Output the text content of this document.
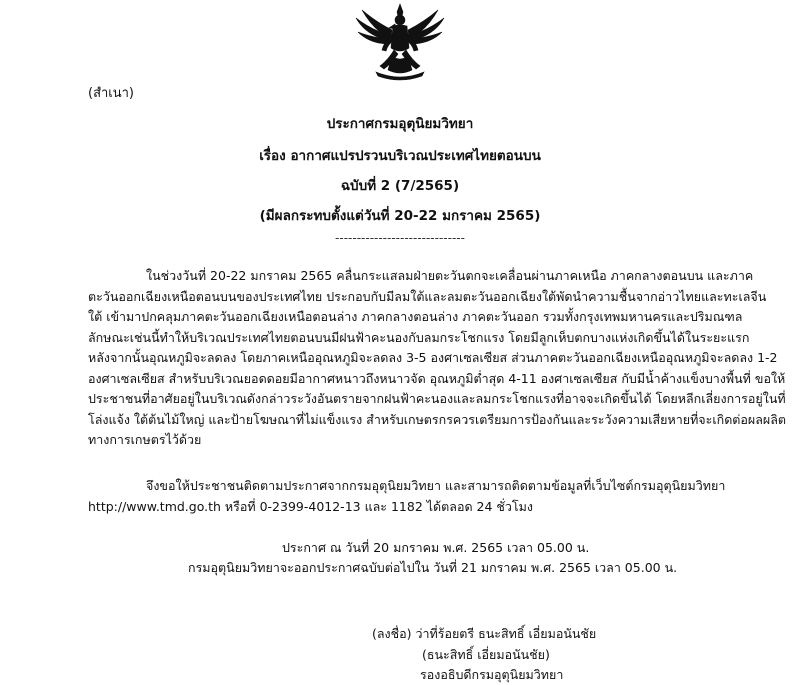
(สำเนา)
ประกาศกรมอุตุนิยมวิทยา
เรื่อง อากาศแปรปรวนบริเวณประเทศไทยตอนบน
ฉบับที่ 2 (7/2565)
(มีผลกระทบตั้งแต่วันที่ 20-22 มกราคม 2565)
------------------------------
ในช่วงวันที่ 20-22 มกราคม 2565 คลื่นกระแสลมฝ่ายตะวันตกจะเคลื่อนผ่านภาคเหนือ ภาคกลางตอนบน และภาค
ตะวันออกเฉียงเหนือตอนบนของประเทศไทย ประกอบกับมีลมใต้และลมตะวันออกเฉียงใต้พัดนำความชื้นจากอ่าวไทยและทะเลจีน
ใต้ เข้ามาปกคลุมภาคตะวันออกเฉียงเหนือตอนล่าง ภาคกลางตอนล่าง ภาคตะวันออก รวมทั้งกรุงเทพมหานครและปริมณฑล
ลักษณะเช่นนี้ทำให้บริเวณประเทศไทยตอนบนมีฝนฟ้าคะนองกับลมกระโชกแรง โดยมีลูกเห็บตกบางแห่งเกิดขึ้นได้ในระยะแรก
หลังจากนั้นอุณหภูมิจะลดลง โดยภาคเหนืออุณหภูมิจะลดลง 3-5 องศาเซลเซียส ส่วนภาคตะวันออกเฉียงเหนืออุณหภูมิจะลดลง 1-2
องศาเซลเซียส สำหรับบริเวณยอดดอยมีอากาศหนาวถึงหนาวจัด อุณหภูมิต่ำสุด 4-11 องศาเซลเซียส กับมีน้ำค้างแข็งบางพื้นที่ ขอให้
ประชาชนที่อาศัยอยู่ในบริเวณดังกล่าวระวังอันตรายจากฝนฟ้าคะนองและลมกระโชกแรงที่อาจจะเกิดขึ้นได้ โดยหลีกเลี่ยงการอยู่ในที่
โล่งแจ้ง ใต้ต้นไม้ใหญ่ และป้ายโฆษณาที่ไม่แข็งแรง สำหรับเกษตรกรควรเตรียมการป้องกันและระวังความเสียหายที่จะเกิดต่อผลผลิต
ทางการเกษตรไว้ด้วย
จึงขอให้ประชาชนติดตามประกาศจากกรมอุตุนิยมวิทยา และสามารถติดตามข้อมูลที่เว็บไซต์กรมอุตุนิยมวิทยา
http://www.tmd.go.th หรือที่ 0-2399-4012-13 และ 1182 ได้ตลอด 24 ชั่วโมง
ประกาศ ณ วันที่ 20 มกราคม พ.ศ. 2565 เวลา 05.00 น.
กรมอุตุนิยมวิทยาจะออกประกาศฉบับต่อไปใน วันที่ 21 มกราคม พ.ศ. 2565 เวลา 05.00 น.
(ลงชื่อ) ว่าที่ร้อยตรี ธนะสิทธิ์ เอี่ยมอนันชัย
(ธนะสิทธิ์ เอี่ยมอนันชัย)
รองอธิบดีกรมอุตุนิยมวิทยา
